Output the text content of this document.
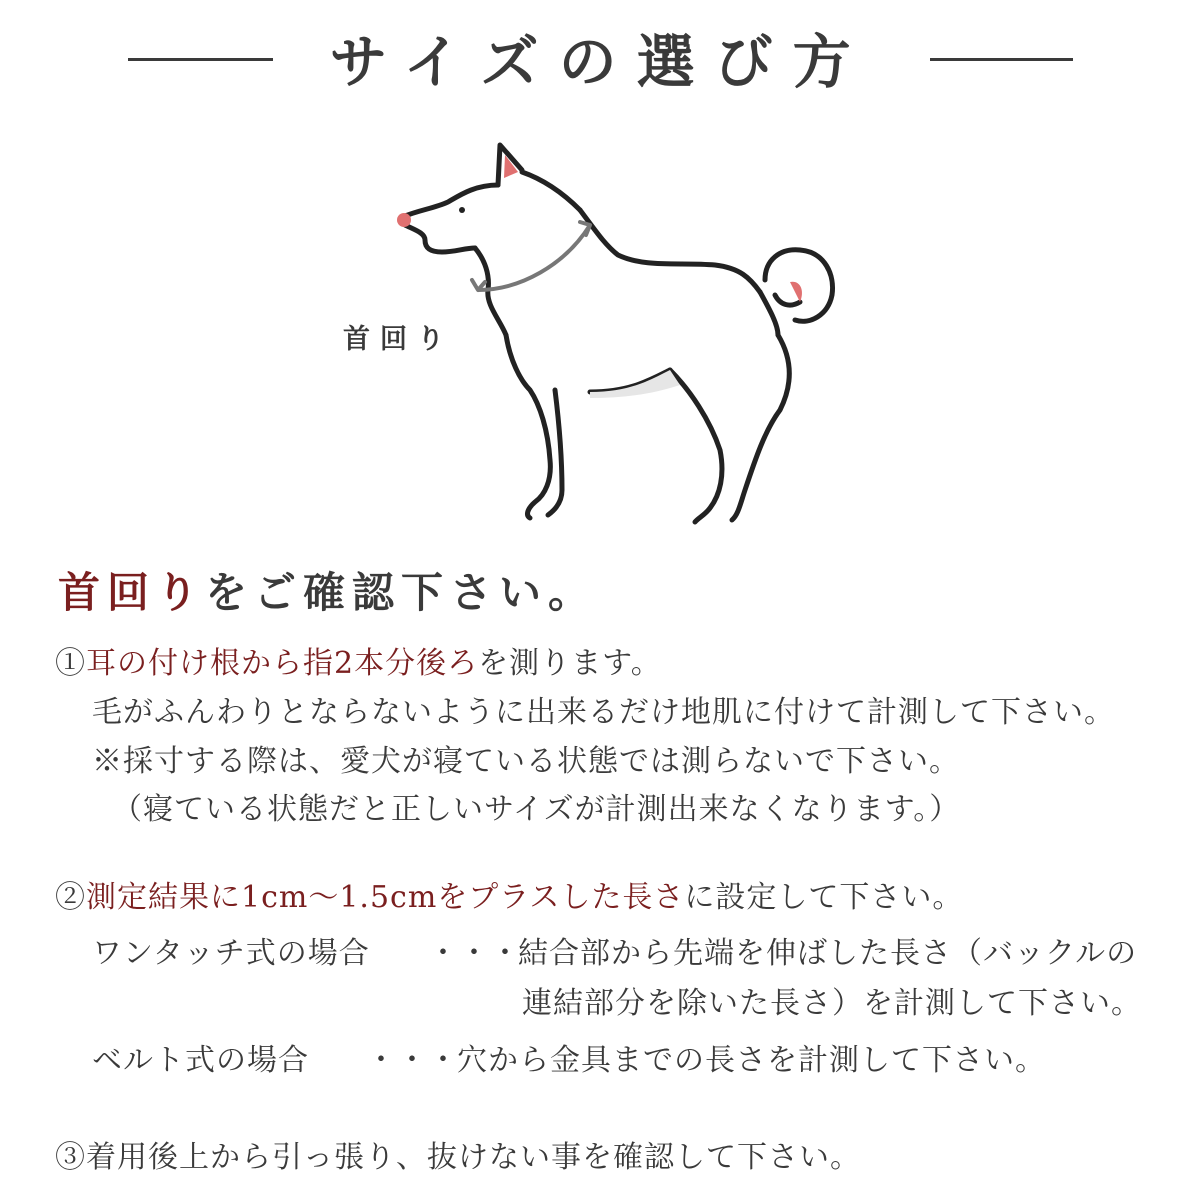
サイズの選び方
首回り
首回りをご確認下さい。
①耳の付け根から指2本分後ろを測ります。
毛がふんわりとならないように出来るだけ地肌に付けて計測して下さい。
※採寸する際は、愛犬が寝ている状態では測らないで下さい。
（寝ている状態だと正しいサイズが計測出来なくなります。）
②測定結果に1cm～1.5cmをプラスした長さに設定して下さい。
ワンタッチ式の場合 ・・・
結合部から先端を伸ばした長さ（バックルの
連結部分を除いた長さ）を計測して下さい。
ベルト式の場合 ・・・
穴から金具までの長さを計測して下さい。
③着用後上から引っ張り、抜けない事を確認して下さい。
